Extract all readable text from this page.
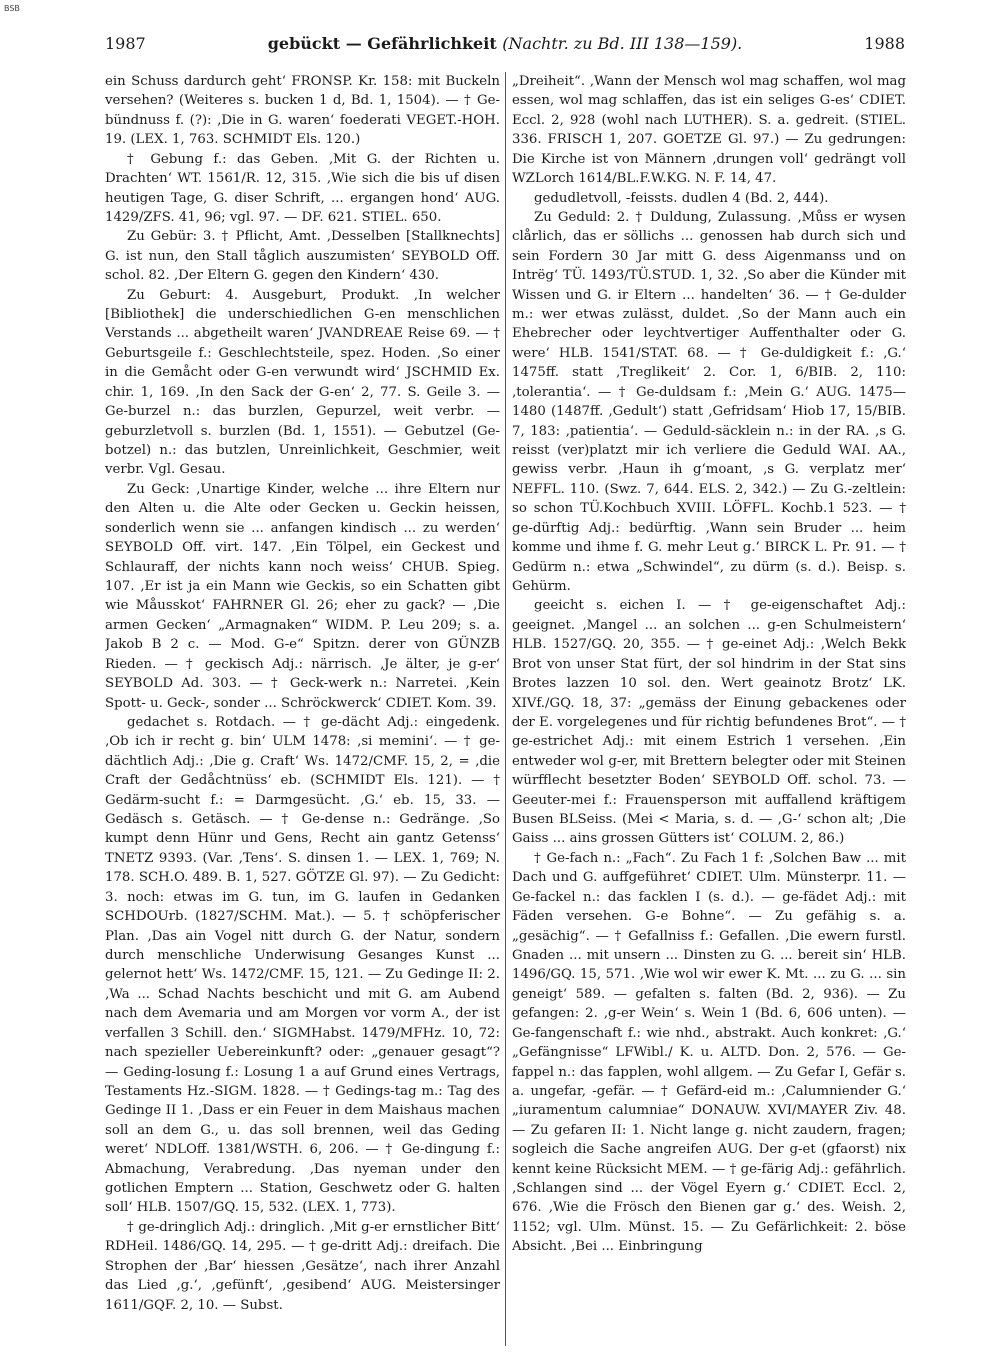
BSB
1987	gebückt — Gefährlichkeit (Nachtr. zu Bd. III 138—159).	1988

ein Schuss dardurch geht‘ FRONSP. Kr. 158: mit Buckeln versehen? (Weiteres s. bucken 1 d, Bd. 1, 1504). — † Ge-bündnuss f. (?): ‚Die in G. waren‘ foederati VEGET.-HOH. 19. (LEX. 1, 763. SCHMIDT Els. 120.)

† Gebung f.: das Geben. ‚Mit G. der Richten u. Drachten‘ WT. 1561/R. 12, 315. ‚Wie sich die bis uf disen heutigen Tage, G. diser Schrift, ... ergangen hond‘ AUG. 1429/ZFS. 41, 96; vgl. 97. — DF. 621. STIEL. 650.

Zu Gebür: 3. † Pflicht, Amt. ‚Desselben [Stallknechts] G. ist nun, den Stall tåglich auszumisten‘ SEYBOLD Off. schol. 82. ‚Der Eltern G. gegen den Kindern‘ 430.

Zu Geburt: 4. Ausgeburt, Produkt. ‚In welcher [Bibliothek] die underschiedlichen G-en menschlichen Verstands ... abgetheilt waren‘ JVANDREAE Reise 69. — † Geburtsgeile f.: Geschlechtsteile, spez. Hoden. ‚So einer in die Gemåcht oder G-en verwundt wird‘ JSCHMID Ex. chir. 1, 169. ‚In den Sack der G-en‘ 2, 77. S. Geile 3. — Ge-burzel n.: das burzlen, Gepurzel, weit verbr. — geburzletvoll s. burzlen (Bd. 1, 1551). — Gebutzel (Ge-botzel) n.: das butzlen, Unreinlichkeit, Geschmier, weit verbr. Vgl. Gesau.

Zu Geck: ‚Unartige Kinder, welche ... ihre Eltern nur den Alten u. die Alte oder Gecken u. Geckin heissen, sonderlich wenn sie ... anfangen kindisch ... zu werden‘ SEYBOLD Off. virt. 147. ‚Ein Tölpel, ein Geckest und Schlauraff, der nichts kann noch weiss‘ CHUB. Spieg. 107. ‚Er ist ja ein Mann wie Geckis, so ein Schatten gibt wie Måusskot‘ FAHRNER Gl. 26; eher zu gack? — ‚Die armen Gecken‘ „Armagnaken“ WIDM. P. Leu 209; s. a. Jakob B 2 c. — Mod. G-e“ Spitzn. derer von GÜNZB Rieden. — † geckisch Adj.: närrisch. ‚Je älter, je g-er‘ SEYBOLD Ad. 303. — † Geck-werk n.: Narretei. ‚Kein Spott- u. Geck-, sonder ... Schröckwerck‘ CDIET. Kom. 39.

gedachet s. Rotdach. — † ge-dächt Adj.: eingedenk. ‚Ob ich ir recht g. bin‘ ULM 1478: ‚si memini‘. — † ge-dächtlich Adj.: ‚Die g. Craft‘ Ws. 1472/CMF. 15, 2, = ‚die Craft der Gedåchtnüss‘ eb. (SCHMIDT Els. 121). — † Gedärm-sucht f.: = Darmgesücht. ‚G.‘ eb. 15, 33. — Gedäsch s. Getäsch. — † Ge-dense n.: Gedränge. ‚So kumpt denn Hünr und Gens, Recht ain gantz Getenss‘ TNETZ 9393. (Var. ‚Tens‘. S. dinsen 1. — LEX. 1, 769; N. 178. SCH.O. 489. B. 1, 527. GÖTZE Gl. 97). — Zu Gedicht: 3. noch: etwas im G. tun, im G. laufen in Gedanken SCHDOUrb. (1827/SCHM. Mat.). — 5. † schöpferischer Plan. ‚Das ain Vogel nitt durch G. der Natur, sondern durch menschliche Underwisung Gesanges Kunst ... gelernot hett‘ Ws. 1472/CMF. 15, 121. — Zu Gedinge II: 2. ‚Wa ... Schad Nachts beschicht und mit G. am Aubend nach dem Avemaria und am Morgen vor vorm A., der ist verfallen 3 Schill. den.‘ SIGMHabst. 1479/MFHz. 10, 72: nach spezieller Uebereinkunft? oder: „genauer gesagt“? — Geding-losung f.: Losung 1 a auf Grund eines Vertrags, Testaments Hz.-SIGM. 1828. — † Gedings-tag m.: Tag des Gedinge II 1. ‚Dass er ein Feuer in dem Maishaus machen soll an dem G., u. das soll brennen, weil das Geding weret‘ NDLOff. 1381/WSTH. 6, 206. — † Ge-dingung f.: Abmachung, Verabredung. ‚Das nyeman under den gotlichen Emptern ... Station, Geschwetz oder G. halten soll‘ HLB. 1507/GQ. 15, 532. (LEX. 1, 773).

† ge-dringlich Adj.: dringlich. ‚Mit g-er ernstlicher Bitt‘ RDHeil. 1486/GQ. 14, 295. — † ge-dritt Adj.: dreifach. Die Strophen der ‚Bar‘ hiessen ‚Gesätze‘, nach ihrer Anzahl das Lied ‚g.‘, ‚gefünft‘, ‚gesibend‘ AUG. Meistersinger 1611/GQF. 2, 10. — Subst.

„Dreiheit“. ‚Wann der Mensch wol mag schaffen, wol mag essen, wol mag schlaffen, das ist ein seliges G-es‘ CDIET. Eccl. 2, 928 (wohl nach LUTHER). S. a. gedreit. (STIEL. 336. FRISCH 1, 207. GOETZE Gl. 97.) — Zu gedrungen: Die Kirche ist von Männern ‚drungen voll‘ gedrängt voll WZLorch 1614/BL.F.W.KG. N. F. 14, 47.

gedudletvoll, -feissts. dudlen 4 (Bd. 2, 444).

Zu Geduld: 2. † Duldung, Zulassung. ‚Můss er wysen clårlich, das er söllichs ... genossen hab durch sich und sein Fordern 30 Jar mitt G. dess Aigenmanss und on Intrёg‘ TÜ. 1493/TÜ.STUD. 1, 32. ‚So aber die Künder mit Wissen und G. ir Eltern ... handelten‘ 36. — † Ge-dulder m.: wer etwas zulässt, duldet. ‚So der Mann auch ein Ehebrecher oder leychtvertiger Auffenthalter oder G. were‘ HLB. 1541/STAT. 68. — † Ge-duldigkeit f.: ‚G.‘ 1475ff. statt ‚Treglikeit‘ 2. Cor. 1, 6/BIB. 2, 110: ‚tolerantia‘. — † Ge-duldsam f.: ‚Mein G.‘ AUG. 1475—1480 (1487ff. ‚Gedult‘) statt ‚Gefridsam‘ Hiob 17, 15/BIB. 7, 183: ‚patientia‘. — Geduld-säcklein n.: in der RA. ‚s G. reisst (ver)platzt mir ich verliere die Geduld WAI. AA., gewiss verbr. ‚Haun ih g‘moant, ‚s G. verplatz mer‘ NEFFL. 110. (Swz. 7, 644. ELS. 2, 342.) — Zu G.-zeltlein: so schon TÜ.Kochbuch XVIII. LÖFFL. Kochb.1 523. — † ge-dürftig Adj.: bedürftig. ‚Wann sein Bruder ... heim komme und ihme f. G. mehr Leut g.‘ BIRCK L. Pr. 91. — † Gedürm n.: etwa „Schwindel“, zu dürm (s. d.). Beisp. s. Gehürm.

geeicht s. eichen I. — † ge-eigenschaftet Adj.: geeignet. ‚Mangel ... an solchen ... g-en Schulmeistern‘ HLB. 1527/GQ. 20, 355. — † ge-einet Adj.: ‚Welch Bekk Brot von unser Stat fürt, der sol hindrim in der Stat sins Brotes lazzen 10 sol. den. Wert geainotz Brotz‘ LK. XIVf./GQ. 18, 37: „gemäss der Einung gebackenes oder der E. vorgelegenes und für richtig befundenes Brot“. — † ge-estrichet Adj.: mit einem Estrich 1 versehen. ‚Ein entweder wol g-er, mit Brettern belegter oder mit Steinen würfflecht besetzter Boden‘ SEYBOLD Off. schol. 73. — Geeuter-mei f.: Frauensperson mit auffallend kräftigem Busen BLSeiss. (Mei < Maria, s. d. — ‚G-‘ schon alt; ‚Die Gaiss ... ains grossen Gütters ist‘ COLUM. 2, 86.)

† Ge-fach n.: „Fach“. Zu Fach 1 f: ‚Solchen Baw ... mit Dach und G. auffgeführet‘ CDIET. Ulm. Münsterpr. 11. — Ge-fackel n.: das facklen I (s. d.). — ge-fädet Adj.: mit Fäden versehen. G-e Bohne“. — Zu gefähig s. a. „gesächig“. — † Gefallniss f.: Gefallen. ‚Die ewern furstl. Gnaden ... mit unsern ... Dinsten zu G. ... bereit sin‘ HLB. 1496/GQ. 15, 571. ‚Wie wol wir ewer K. Mt. ... zu G. ... sin geneigt‘ 589. — gefalten s. falten (Bd. 2, 936). — Zu gefangen: 2. ‚g-er Wein‘ s. Wein 1 (Bd. 6, 606 unten). — Ge-fangenschaft f.: wie nhd., abstrakt. Auch konkret: ‚G.‘ „Gefängnisse“ LFWibl./ K. u. ALTD. Don. 2, 576. — Ge-fappel n.: das fapplen, wohl allgem. — Zu Gefar I, Gefär s. a. ungefar, -gefär. — † Gefärd-eid m.: ‚Calumniender G.‘ „iuramentum calumniae“ DONAUW. XVI/MAYER Ziv. 48. — Zu gefaren II: 1. Nicht lange g. nicht zaudern, fragen; sogleich die Sache angreifen AUG. Der g-et (gfaorst) nix kennt keine Rücksicht MEM. — † ge-färig Adj.: gefährlich. ‚Schlangen sind ... der Vögel Eyern g.‘ CDIET. Eccl. 2, 676. ‚Wie die Frösch den Bienen gar g.‘ des. Weish. 2, 1152; vgl. Ulm. Münst. 15. — Zu Gefärlichkeit: 2. böse Absicht. ‚Bei ... Einbringung
